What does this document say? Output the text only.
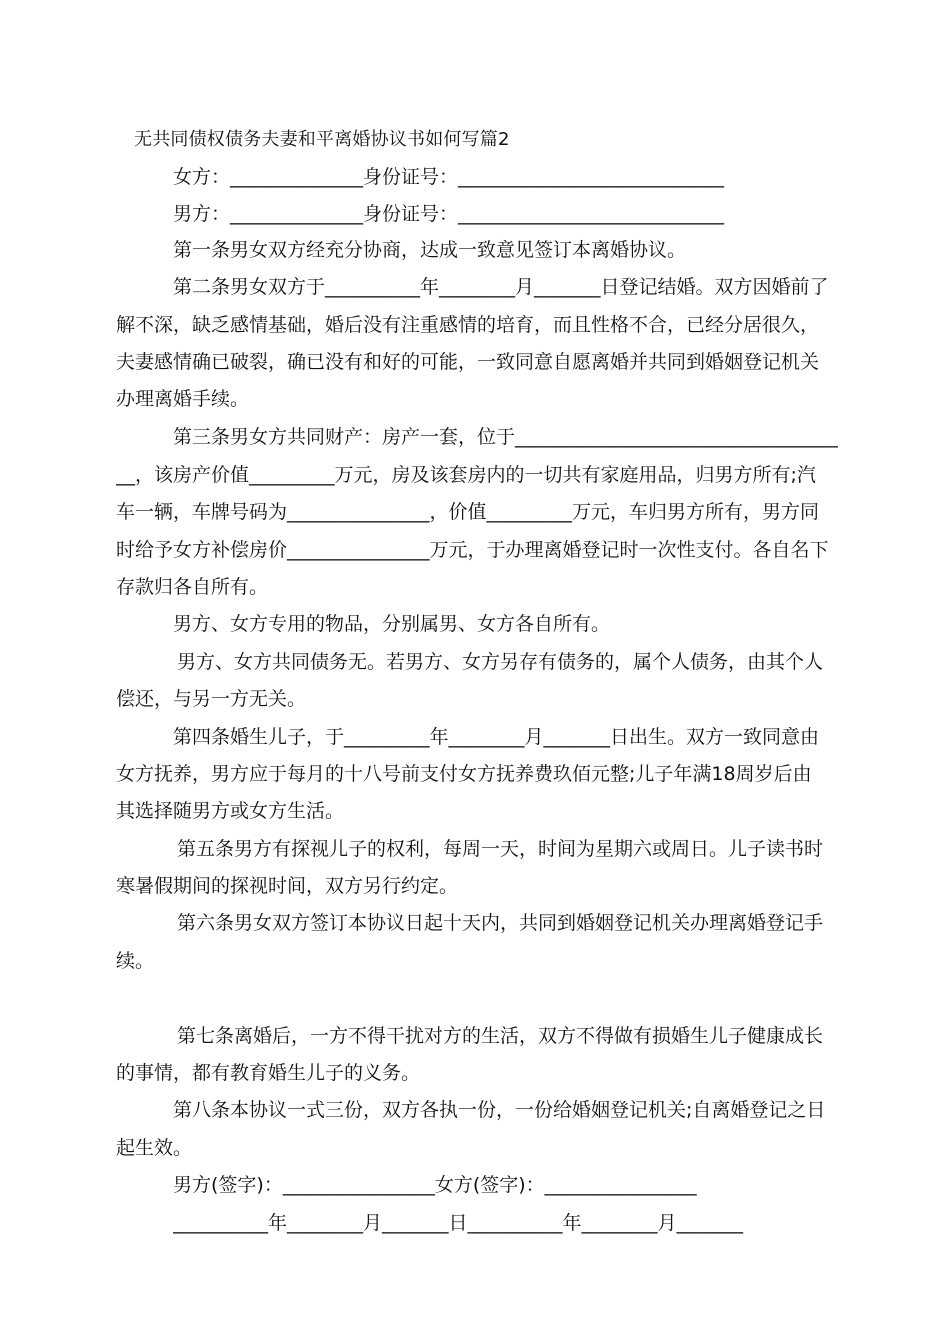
无共同债权债务夫妻和平离婚协议书如何写篇2
女方：______________身份证号：____________________________
男方：______________身份证号：____________________________
第一条男女双方经充分协商，达成一致意见签订本离婚协议。
第二条男女双方于__________年________月_______日登记结婚。双方因婚前了
解不深，缺乏感情基础，婚后没有注重感情的培育，而且性格不合，已经分居很久，
夫妻感情确已破裂，确已没有和好的可能，一致同意自愿离婚并共同到婚姻登记机关
办理离婚手续。
第三条男女方共同财产：房产一套，位于__________________________________
__，该房产价值_________万元，房及该套房内的一切共有家庭用品，归男方所有;汽
车一辆，车牌号码为_______________，价值_________万元，车归男方所有，男方同
时给予女方补偿房价_______________万元，于办理离婚登记时一次性支付。各自名下
存款归各自所有。
男方、女方专用的物品，分别属男、女方各自所有。
男方、女方共同债务无。若男方、女方另存有债务的，属个人债务，由其个人
偿还，与另一方无关。
第四条婚生儿子，于_________年________月_______日出生。双方一致同意由
女方抚养，男方应于每月的十八号前支付女方抚养费玖佰元整;儿子年满18周岁后由
其选择随男方或女方生活。
第五条男方有探视儿子的权利，每周一天，时间为星期六或周日。儿子读书时
寒暑假期间的探视时间，双方另行约定。
第六条男女双方签订本协议日起十天内，共同到婚姻登记机关办理离婚登记手
续。
第七条离婚后，一方不得干扰对方的生活，双方不得做有损婚生儿子健康成长
的事情，都有教育婚生儿子的义务。
第八条本协议一式三份，双方各执一份，一份给婚姻登记机关;自离婚登记之日
起生效。
男方(签字)：________________女方(签字)：________________
__________年________月_______日__________年________月_______
